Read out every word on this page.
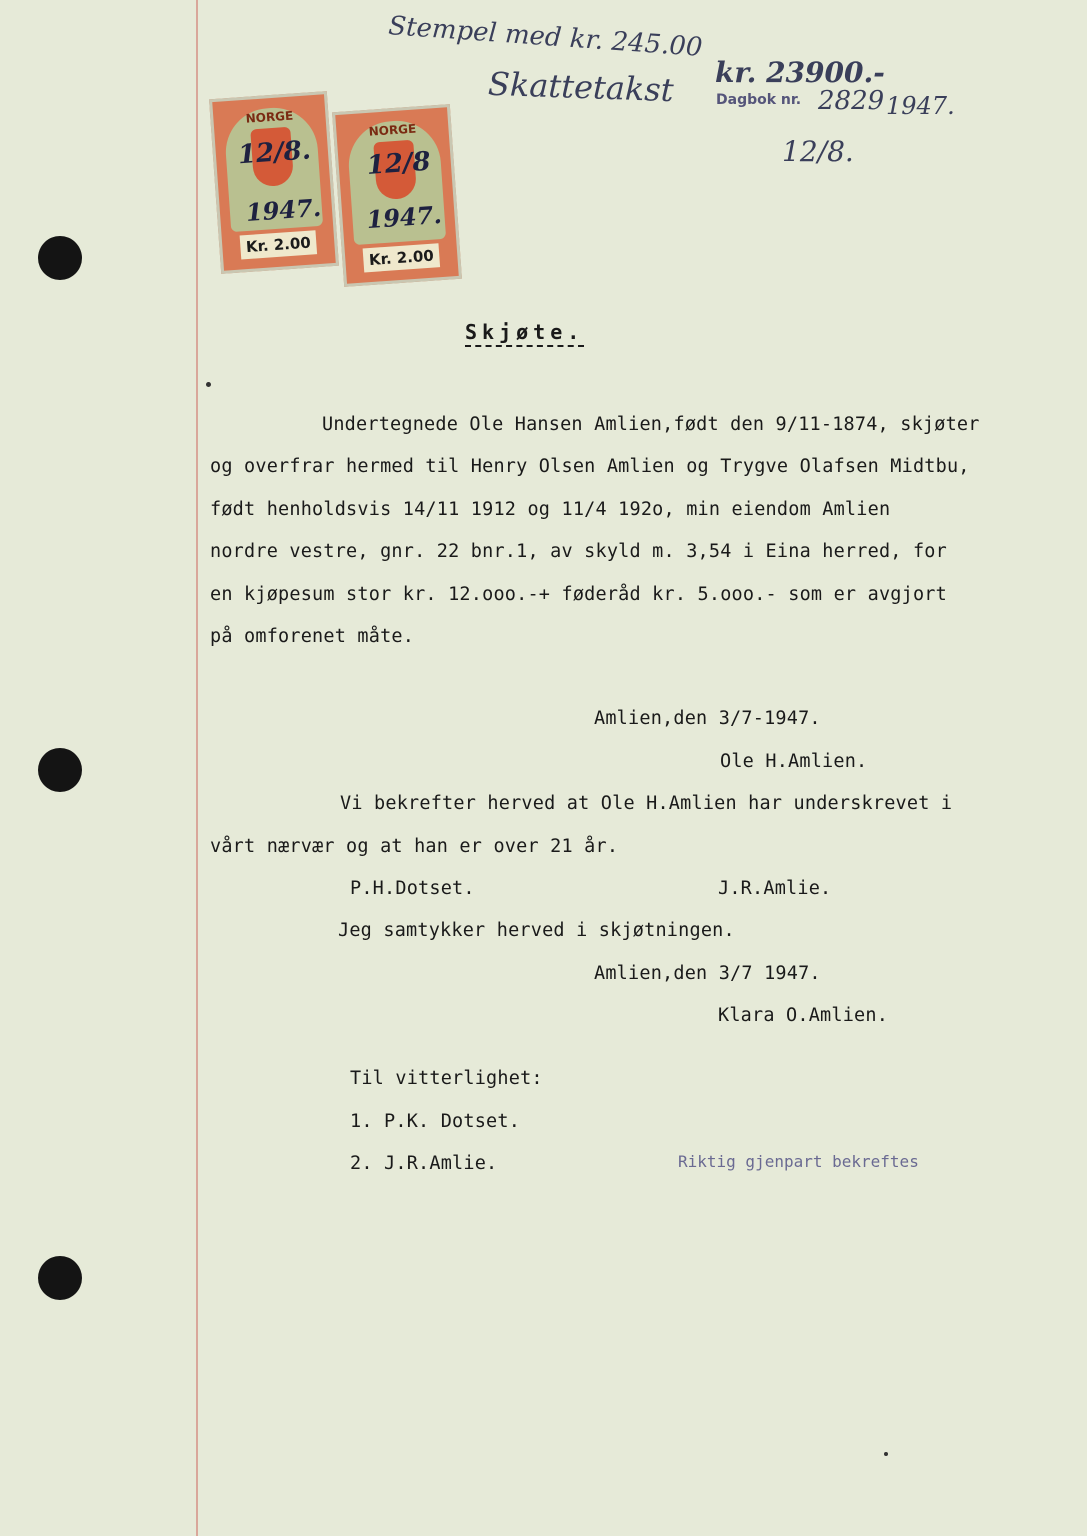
Stempel med kr. 245.00
Skattetakst kr. 23900.-
Dagbok nr. 2829 1947.
12/8.
NORGE
12/8.
1947.
Kr. 2.00
NORGE
12/8
1947.
Kr. 2.00
Skjøte.
Undertegnede Ole Hansen Amlien,født den 9/11-1874, skjøter
og overfrar hermed til Henry Olsen Amlien og Trygve Olafsen Midtbu,
født henholdsvis 14/11 1912 og 11/4 192o, min eiendom Amlien
nordre vestre, gnr. 22 bnr.1, av skyld m. 3,54 i Eina herred, for
en kjøpesum stor kr. 12.ooo.-+ føderåd kr. 5.ooo.- som er avgjort
på omforenet måte.
Amlien,den 3/7-1947.
Ole H.Amlien.
Vi bekrefter herved at Ole H.Amlien har underskrevet i
vårt nærvær og at han er over 21 år.
P.H.Dotset.	J.R.Amlie.
Jeg samtykker herved i skjøtningen.
Amlien,den 3/7 1947.
Klara O.Amlien.
Til vitterlighet:
1. P.K. Dotset.
2. J.R.Amlie.	Riktig gjenpart bekreftes
